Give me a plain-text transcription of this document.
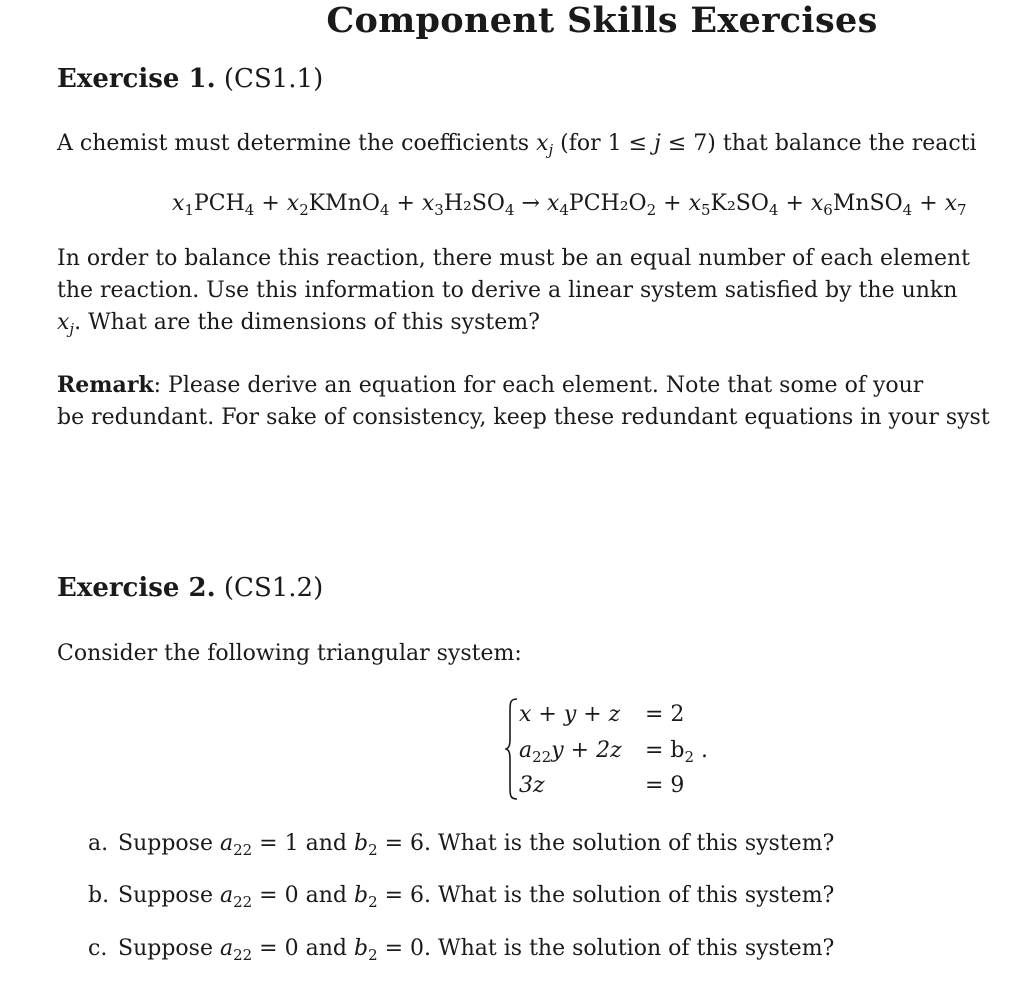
Component Skills Exercises
Exercise 1. (CS1.1)
A chemist must determine the coefficients $x_j$ (for 1 ≤ j ≤ 7) that balance the reacti
$x_1PCH_4$ + $x_2KMnO_4 + x_3H_2SO_4 \to x_4PCH_2O_2 + x_5K_2SO_4$ + $x_6MnSO_4 + x_7$
In order to balance this reaction, there must be an equal number of each element
the reaction. Use this information to derive a linear system satisfied by the unkn
$x_j$. What are the dimensions of this system?
Remark: Please derive an equation for each element. Note that some of your
be redundant. For sake of consistency, keep these redundant equations in your syst
Exercise 2. (CS1.2)
Consider the following triangular system:
x + y + z = 2
$a_{22}y + 2z = b_2$ .
3z	= 9
a. Suppose $a_{22} = 1$ and $b_2 = 6$. What is the solution of this system?
b. Suppose $a_{22} = 0$ and $b_2 = 6$. What is the solution of this system?
c. Suppose $a_{22} = 0$ and $b_2 = 0$. What is the solution of this system?
